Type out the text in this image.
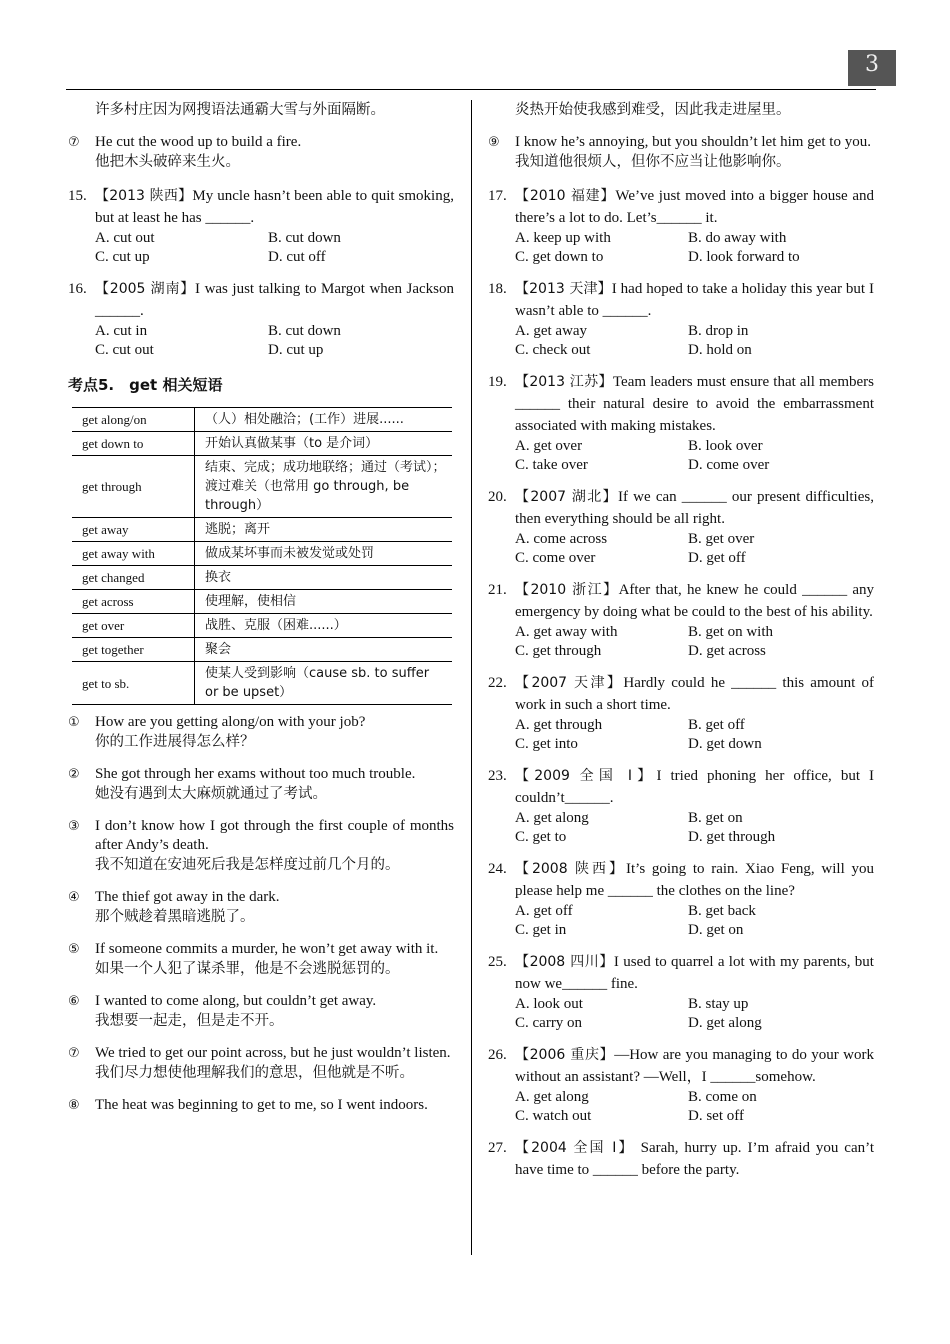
3

许多村庄因为网搜语法通霸大雪与外面隔断。

⑦ He cut the wood up to build a fire.

他把木头破碎来生火。

15. 【2013 陕西】My uncle hasn’t been able to quit smoking, but at least he has ______.

A. cut out	B. cut down
C. cut up	D. cut off
16. 【2005 湖南】I was just talking to Margot when Jackson ______.

A. cut in	B. cut down
C. cut out	D. cut up

考点5.　get 相关短语

get along/on	（人）相处融洽；(工作）进展......
get down to	开始认真做某事（to 是介词）
get through	结束、完成；成功地联络；通过（考试）；渡过难关（也常用 go through, be through）
get away	逃脱；离开
get away with	做成某坏事而未被发觉或处罚
get changed	换衣
get across	使理解，使相信
get over	战胜、克服（困难......）
get together	聚会
get to sb.	使某人受到影响（cause sb. to suffer or be upset）
① How are you getting along/on with your job?

你的工作进展得怎么样？

② She got through her exams without too much trouble.

她没有遇到太大麻烦就通过了考试。

③ I don’t know how I got through the first couple of months after Andy’s death.

我不知道在安迪死后我是怎样度过前几个月的。

④ The thief got away in the dark.

那个贼趁着黑暗逃脱了。

⑤ If someone commits a murder, he won’t get away with it.

如果一个人犯了谋杀罪，他是不会逃脱惩罚的。

⑥ I wanted to come along, but couldn’t get away.

我想要一起走，但是走不开。

⑦ We tried to get our point across, but he just wouldn’t listen.

我们尽力想使他理解我们的意思，但他就是不听。

⑧ The heat was beginning to get to me, so I went indoors.

炎热开始使我感到难受，因此我走进屋里。

⑨ I know he’s annoying, but you shouldn’t let him get to you.

我知道他很烦人，但你不应当让他影响你。

17. 【2010 福建】We’ve just moved into a bigger house and there’s a lot to do. Let’s______ it.

A. keep up with	B. do away with
C. get down to	D. look forward to
18. 【2013 天津】I had hoped to take a holiday this year but I wasn’t able to ______.

A. get away	B. drop in
C. check out	D. hold on
19. 【2013 江苏】Team leaders must ensure that all members ______ their natural desire to avoid the embarrassment associated with making mistakes.

A. get over	B. look over
C. take over	D. come over
20. 【2007 湖北】If we can ______ our present difficulties, then everything should be all right.

A. come across	B. get over
C. come over	D. get off
21. 【2010 浙江】After that, he knew he could ______ any emergency by doing what be could to the best of his ability.

A. get away with	B. get on with
C. get through	D. get across
22. 【2007 天津】Hardly could he ______ this amount of work in such a short time.

A. get through	B. get off
C. get into	D. get down
23. 【2009 全国 I】I tried phoning her office, but I couldn’t______.

A. get along	B. get on
C. get to	D. get through
24. 【2008 陕西】It’s going to rain. Xiao Feng, will you please help me ______ the clothes on the line?

A. get off	B. get back
C. get in	D. get on
25. 【2008 四川】I used to quarrel a lot with my parents, but now we______ fine.

A. look out	B. stay up
C. carry on	D. get along
26. 【2006 重庆】—How are you managing to do your work without an assistant? —Well，I ______somehow.

A. get along	B. come on
C. watch out	D. set off
27. 【2004 全国 I】 Sarah, hurry up. I’m afraid you can’t have time to ______ before the party.
